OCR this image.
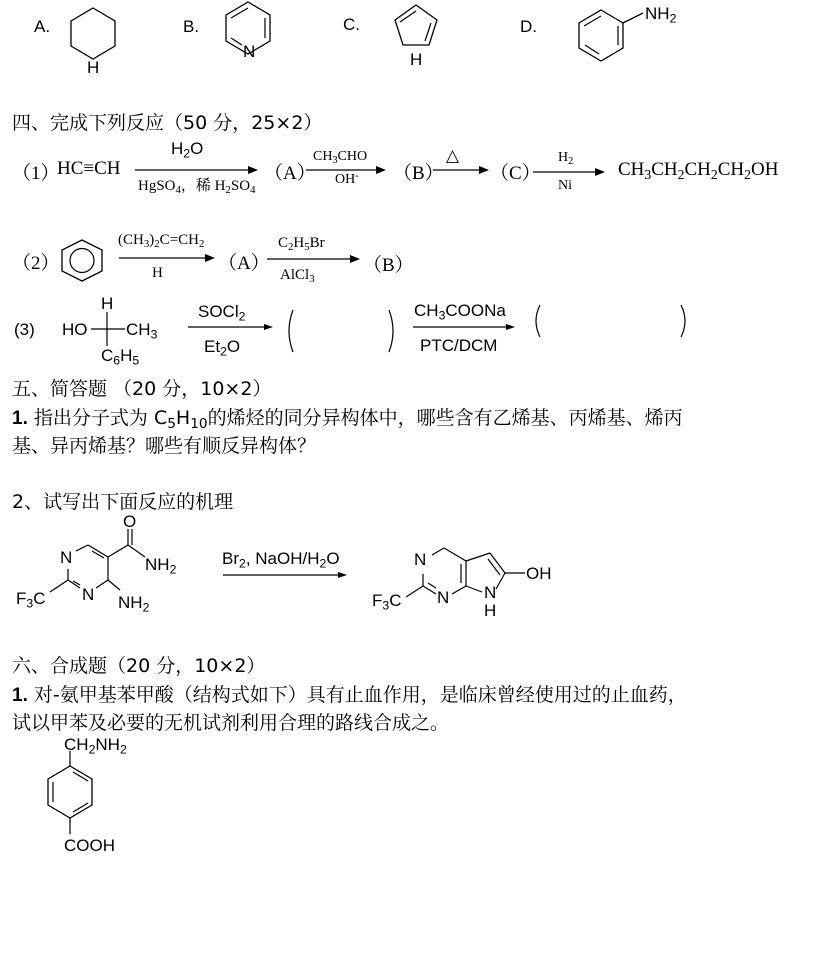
A.
H
B.
N
C.
H
D.
$NH_2$
四、完成下列反应（50 分，25×2）
（1）
HC≡CH
$H_2O$
HgSO$_4$，稀 $H_2SO_4$
（A）
$CH_3CHO$
OH- （B）
△
（C）
$H_2$
Ni
$CH_3CH_2CH_2CH_2OH$
（2）
$(CH_3)_2C=CH_2$
H	（A）
$C_2H_5Br$
AlCl$_3$
（B）
(3)
H
HO $CH_3$
$C_6H_5$
SOCl$_2$
$Et_2O$
$CH_3COONa$
PTC/DCM
五、简答题 （20 分，10×2）
1. 指出分子式为 $C_5H_{10}$的烯烃的同分异构体中，哪些含有乙烯基、丙烯基、烯丙
基、异丙烯基？哪些有顺反异构体？
2、试写出下面反应的机理
O
$NH_2$
N
N $NH_2$
$F_3C$
$Br_2$, NaOH/$H_2O$	N
N
OH
N
H
$F_3C$
六、合成题（20 分，10×2）
1. 对-氨甲基苯甲酸（结构式如下）具有止血作用，是临床曾经使用过的止血药，
试以甲苯及必要的无机试剂利用合理的路线合成之。
$CH_2NH_2$
COOH
